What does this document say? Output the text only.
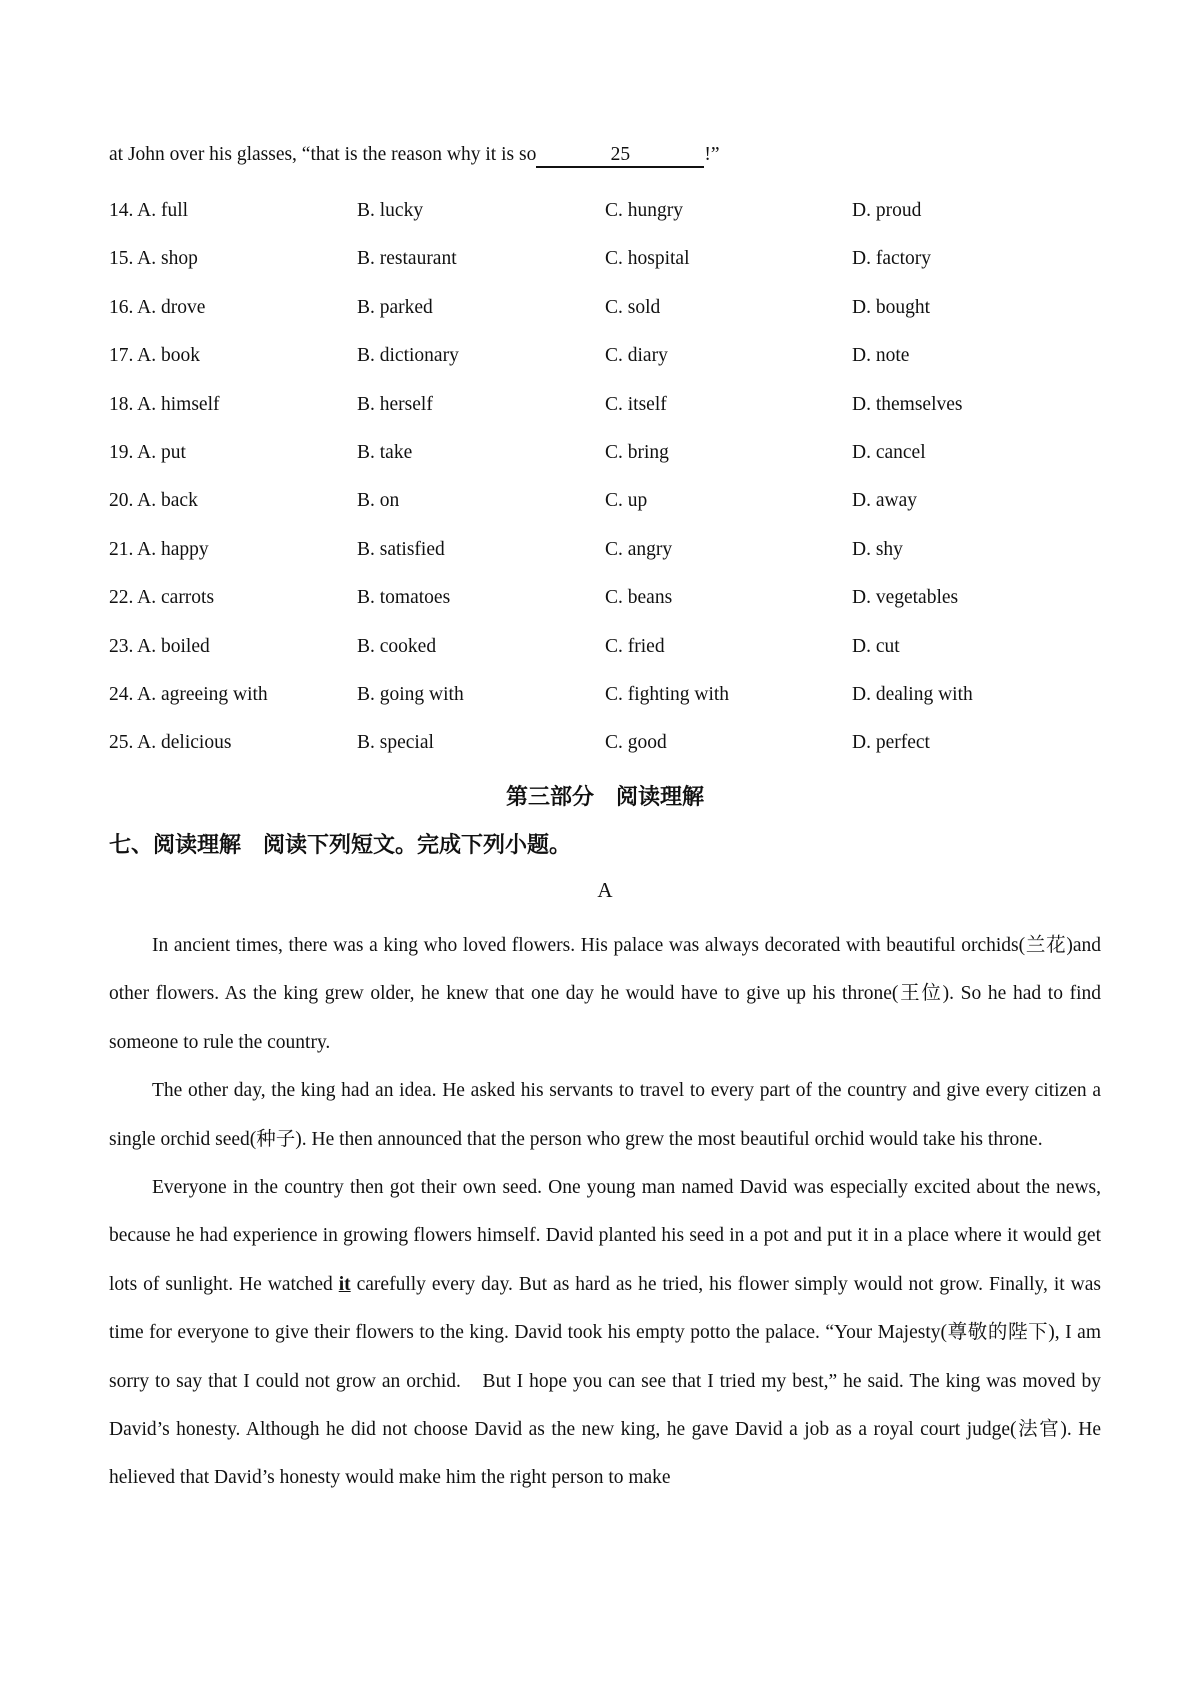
at John over his glasses, “that is the reason why it is so	25	!”
14. A. full	B. lucky	C. hungry	D. proud
15. A. shop	B. restaurant	C. hospital	D. factory
16. A. drove	B. parked	C. sold	D. bought
17. A. book	B. dictionary	C. diary	D. note
18. A. himself	B. herself	C. itself	D. themselves
19. A. put	B. take	C. bring	D. cancel
20. A. back	B. on	C. up	D. away
21. A. happy	B. satisfied	C. angry	D. shy
22. A. carrots	B. tomatoes	C. beans	D. vegetables
23. A. boiled	B. cooked	C. fried	D. cut
24. A. agreeing with	B. going with	C. fighting with	D. dealing with
25. A. delicious	B. special	C. good	D. perfect
第三部分　阅读理解
七、阅读理解　阅读下列短文。完成下列小题。
A

In ancient times, there was a king who loved flowers. His palace was always decorated with beautiful orchids(兰花)and other flowers. As the king grew older, he knew that one day he would have to give up his throne(王位). So he had to find someone to rule the country.

The other day, the king had an idea. He asked his servants to travel to every part of the country and give every citizen a single orchid seed(种子). He then announced that the person who grew the most beautiful orchid would take his throne.

Everyone in the country then got their own seed. One young man named David was especially excited about the news, because he had experience in growing flowers himself. David planted his seed in a pot and put it in a place where it would get lots of sunlight. He watched it carefully every day. But as hard as he tried, his flower simply would not grow. Finally, it was time for everyone to give their flowers to the king. David took his empty potto the palace. “Your Majesty(尊敬的陛下), I am sorry to say that I could not grow an orchid.　But I hope you can see that I tried my best,” he said. The king was moved by David’s honesty. Although he did not choose David as the new king, he gave David a job as a royal court judge(法官). He helieved that David’s honesty would make him the right person to make
